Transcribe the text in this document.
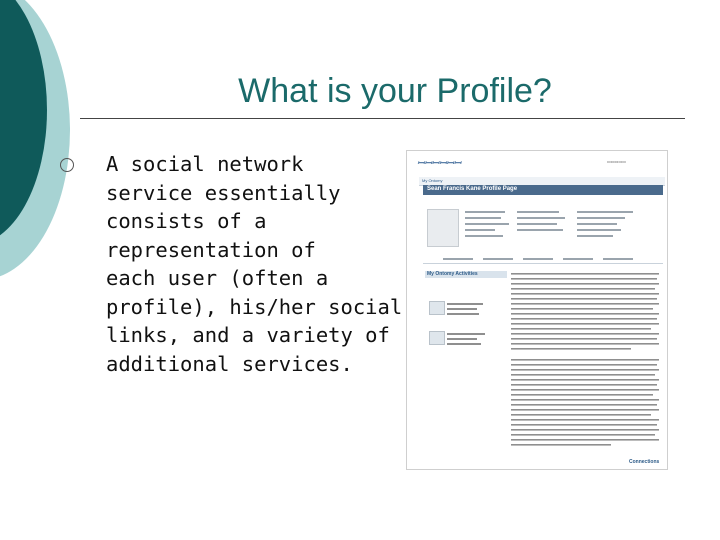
What is your Profile?
A social network
service essentially
consists of a
representation of
each user (often a
profile), his/her social
links, and a variety of
additional services.
ꟷꟷꟷꟷꟷꟷ	▭▭▭▭▭
My Ontomy
Sean Francis Kane Profile Page
My Ontomy Activities
Connections
